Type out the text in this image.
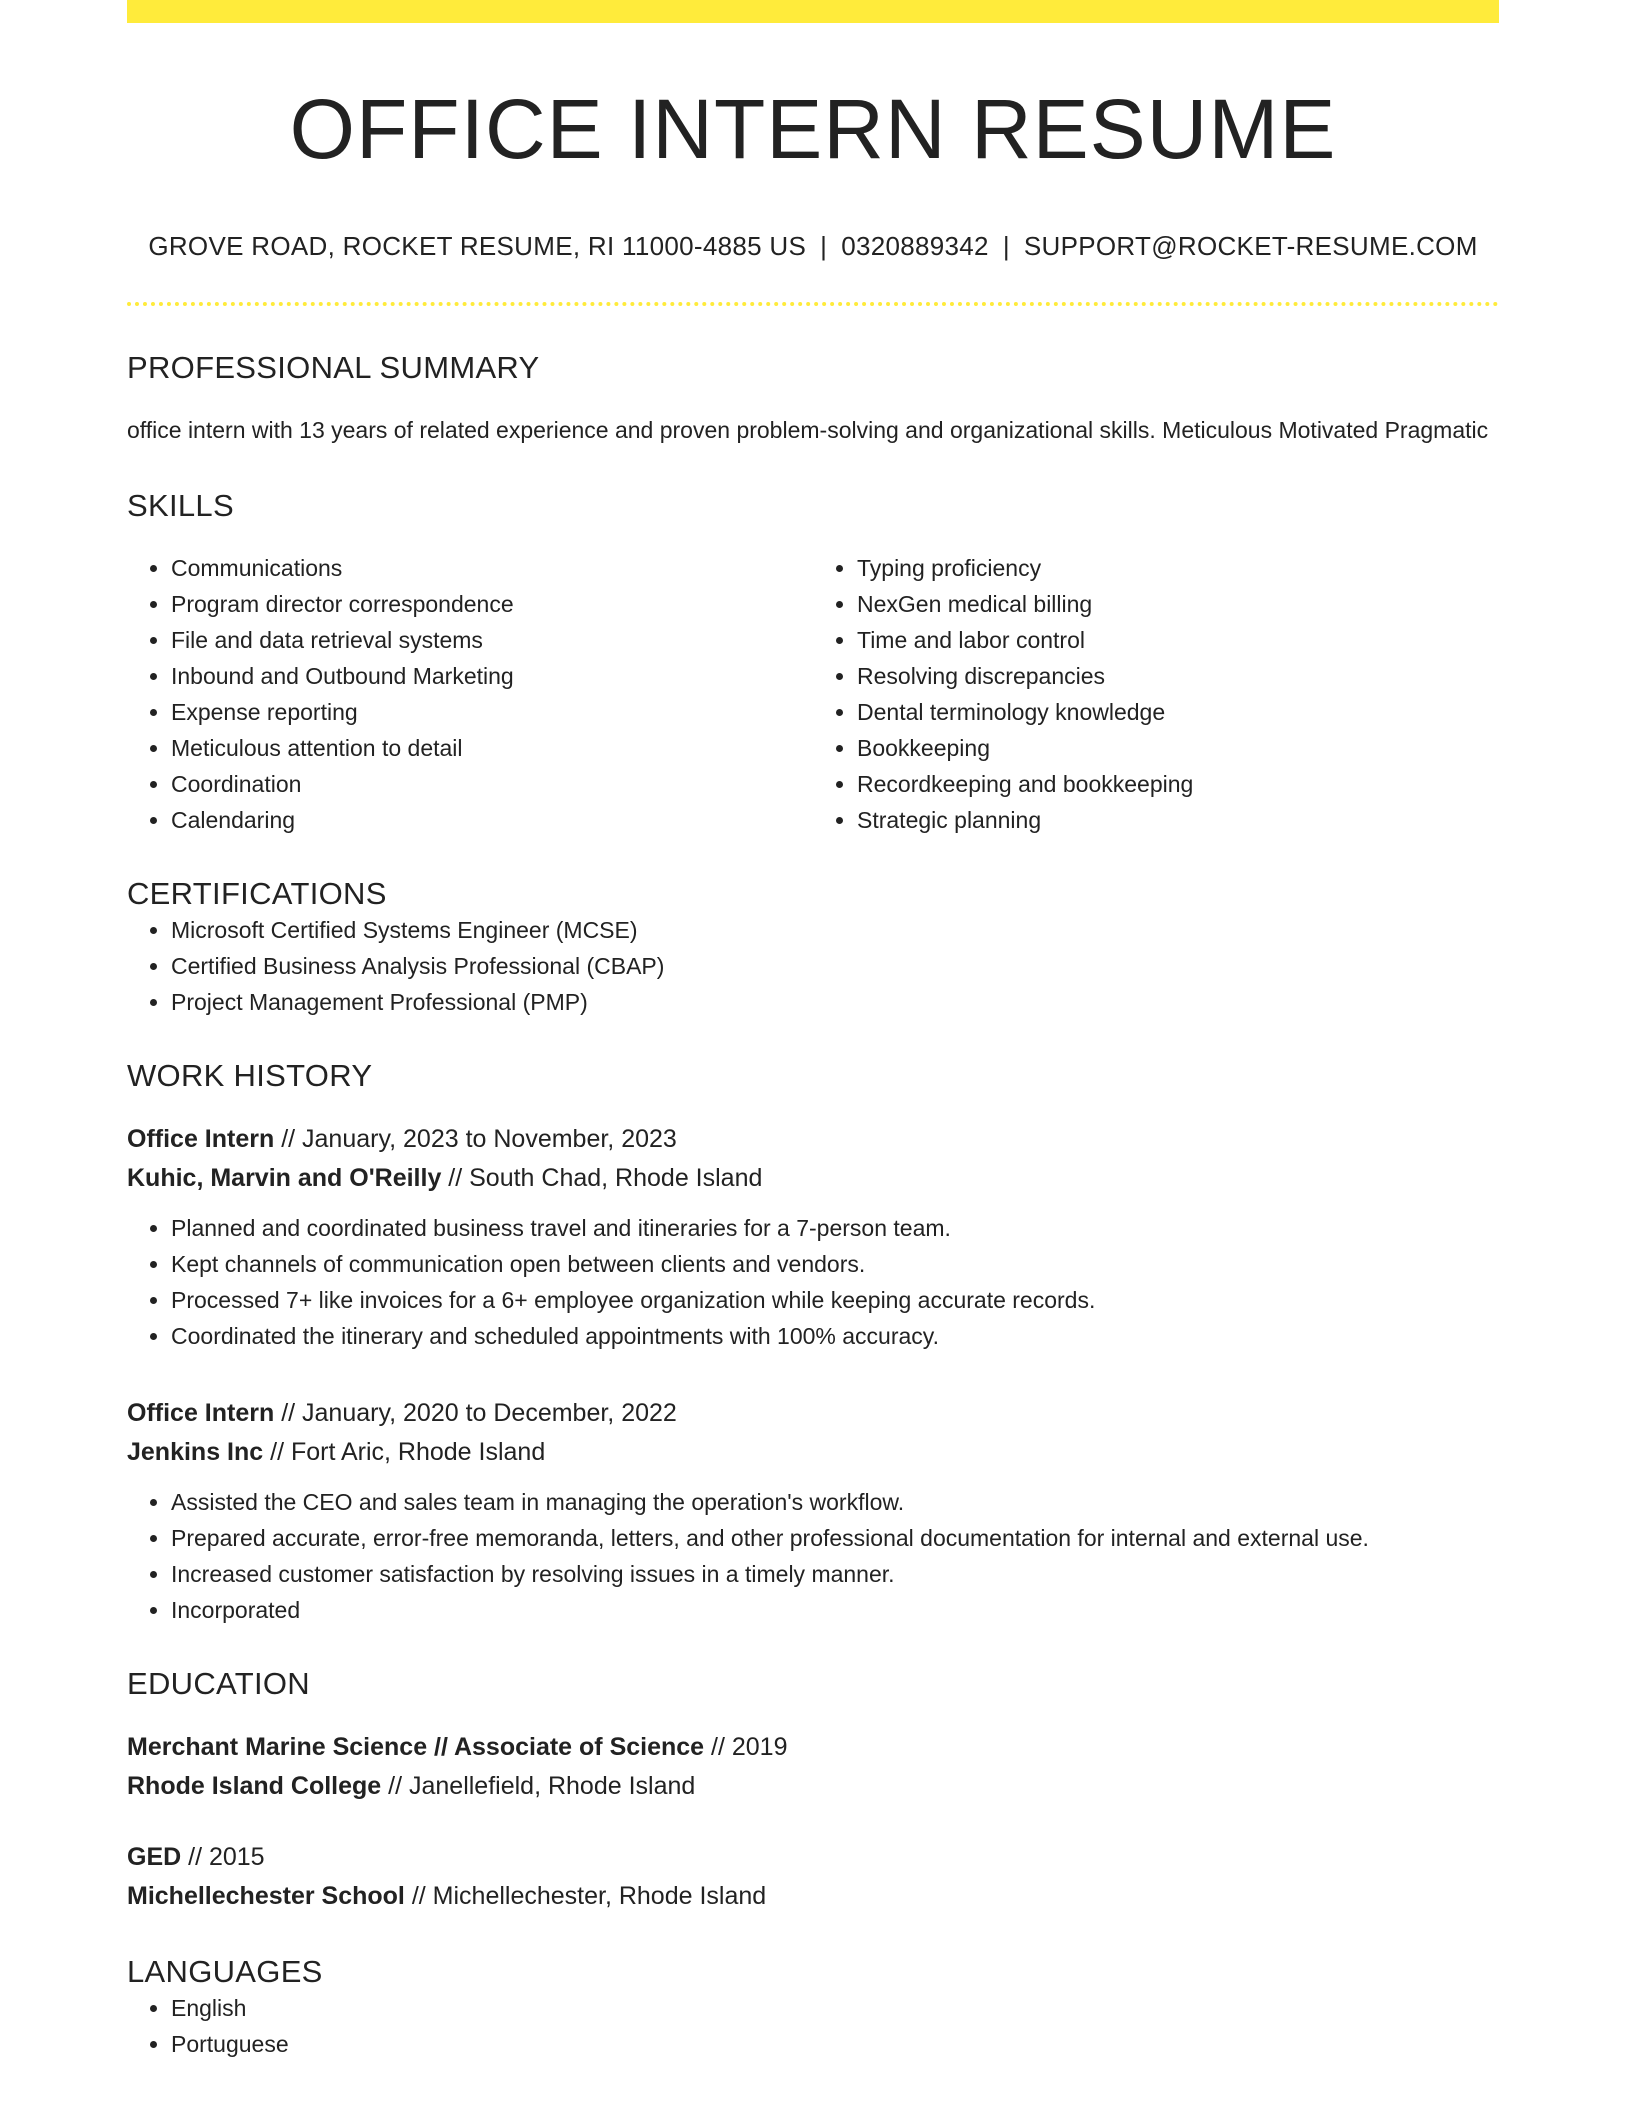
OFFICE INTERN RESUME
GROVE ROAD, ROCKET RESUME, RI 11000-4885 US | 0320889342 | SUPPORT@ROCKET-RESUME.COM
PROFESSIONAL SUMMARY
office intern with 13 years of related experience and proven problem-solving and organizational skills. Meticulous Motivated Pragmatic
SKILLS
• Communications
• Program director correspondence
• File and data retrieval systems
• Inbound and Outbound Marketing
• Expense reporting
• Meticulous attention to detail
• Coordination
• Calendaring
• Typing proficiency
• NexGen medical billing
• Time and labor control
• Resolving discrepancies
• Dental terminology knowledge
• Bookkeeping
• Recordkeeping and bookkeeping
• Strategic planning
CERTIFICATIONS
• Microsoft Certified Systems Engineer (MCSE)
• Certified Business Analysis Professional (CBAP)
• Project Management Professional (PMP)
WORK HISTORY
Office Intern // January, 2023 to November, 2023
Kuhic, Marvin and O'Reilly // South Chad, Rhode Island
• Planned and coordinated business travel and itineraries for a 7-person team.
• Kept channels of communication open between clients and vendors.
• Processed 7+ like invoices for a 6+ employee organization while keeping accurate records.
• Coordinated the itinerary and scheduled appointments with 100% accuracy.
Office Intern // January, 2020 to December, 2022
Jenkins Inc // Fort Aric, Rhode Island
• Assisted the CEO and sales team in managing the operation's workflow.
• Prepared accurate, error-free memoranda, letters, and other professional documentation for internal and external use.
• Increased customer satisfaction by resolving issues in a timely manner.
• Incorporated
EDUCATION
Merchant Marine Science // Associate of Science // 2019
Rhode Island College // Janellefield, Rhode Island
GED // 2015
Michellechester School // Michellechester, Rhode Island
LANGUAGES
• English
• Portuguese
